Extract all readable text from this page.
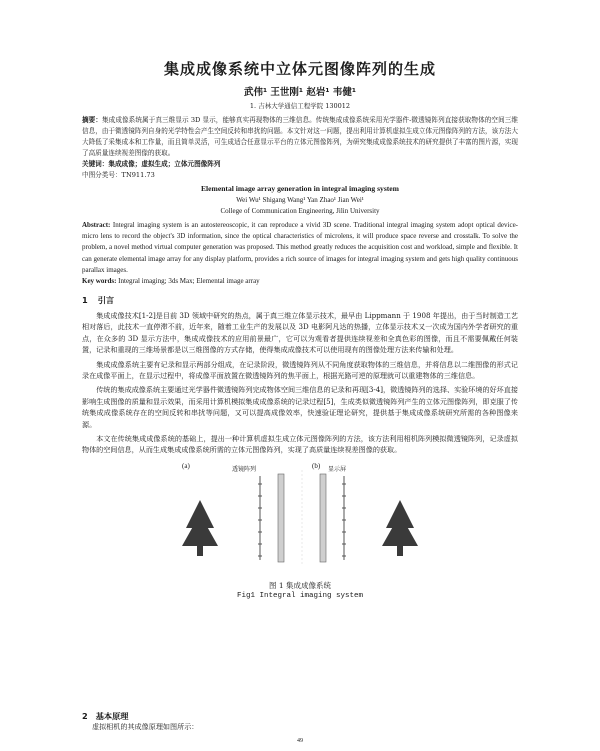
集成成像系统中立体元图像阵列的生成
武伟¹ 王世刚¹ 赵岩¹ 韦健¹
1. 吉林大学通信工程学院 130012

摘要：集成成像系统属于真三维显示 3D 显示，能够真实再现物体的三维信息。传统集成成像系统采用光学器件-微透镜阵列直接获取物体的空间三维信息，由于微透镜阵列自身的光学特性会产生空间反转和串扰的问题。本文针对这一问题，提出利用计算机虚拟生成立体元图像阵列的方法，该方法大大降低了采集成本和工作量，而且简单灵活，可生成适合任意显示平台的立体元图像阵列，为研究集成成像系统技术的研究提供了丰富的图片源，实现了高质量连续视差图像的获取。

关键词：集成成像；虚拟生成；立体元图像阵列

中图分类号：TN911.73

Elemental image array generation in integral imaging system
Wei Wu¹ Shigang Wang¹ Yan Zhao¹ Jian Wei¹
College of Communication Engineering, Jilin University

Abstract: Integral imaging system is an autostereoscopic, it can reproduce a vivid 3D scene. Traditional integral imaging system adopt optical device-micro lens to record the object's 3D information, since the optical characteristics of microlens, it will produce space reverse and crosstalk. To solve the problem, a novel method virtual computer generation was proposed. This method greatly reduces the acquisition cost and workload, simple and flexible. It can generate elemental image array for any display platform, provides a rich source of images for integral imaging system and gets high quality continuous parallax images.

Key words: Integral imaging; 3ds Max; Elemental image array

1 引言

集成成像技术[1-2]是目前 3D 领域中研究的热点，属于真三维立体显示技术，最早由 Lippmann 于 1908 年提出，由于当时制造工艺相对落后，此技术一直停滞不前，近年来，随着工业生产的发展以及 3D 电影阿凡达的热播，立体显示技术又一次成为国内外学者研究的重点，在众多的 3D 显示方法中，集成成像技术的应用前景最广，它可以为观看者提供连续视差和全真色彩的图像，而且不需要佩戴任何装置，记录和重现的三维场景都是以三维图像的方式存储，使得集成成像技术可以使用现有的图像处理方法来传输和处理。

集成成像系统主要有记录和显示两部分组成，在记录阶段，微透镜阵列从不同角度获取物体的三维信息，并将信息以二维图像的形式记录在成像平面上，在显示过程中，将成像平面放置在微透镜阵列的焦平面上，根据光路可逆的原理就可以重建物体的三维信息。

传统的集成成像系统主要通过光学器件微透镜阵列完成物体空间三维信息的记录和再现[3-4]，微透镜阵列的选择、实验环境的好坏直接影响生成图像的质量和显示效果，而采用计算机模拟集成成像系统的记录过程[5]，生成类似微透镜阵列产生的立体元图像阵列，即克服了传统集成成像系统存在的空间反转和串扰等问题，又可以提高成像效率，快速验证理论研究，提供基于集成成像系统研究所需的各种图像来源。

本文在传统集成成像系统的基础上，提出一种计算机虚拟生成立体元图像阵列的方法，该方法利用相机阵列模拟微透镜阵列，记录虚拟物体的空间信息，从而生成集成成像系统所需的立体元图像阵列，实现了高质量连续视差图像的获取。

(a)	(b)
透镜阵列	显示屏
图 1 集成成像系统
Fig1 Integral imaging system
2 基本原理
虚拟相机的其成像原理如图所示：
49
